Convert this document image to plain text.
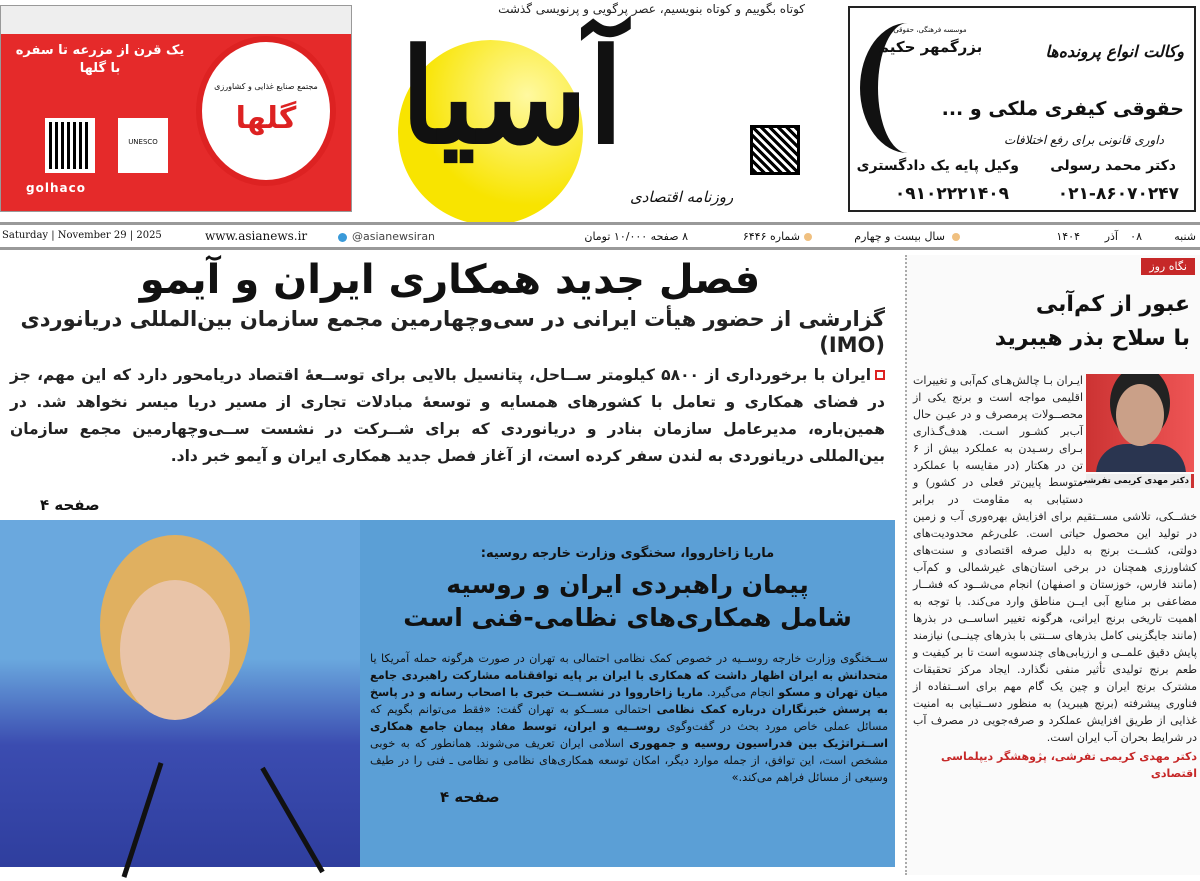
یک قرن از مزرعه تا سفره با گلها
مجتمع صنایع غذایی و کشاورزی
گلها
UNESCO
golhaco
کوتاه بگوییم و کوتاه بنویسیم، عصر پرگویی و پرنویسی گذشت
آسیا
روزنامه اقتصادی
موسسه فرهنگی، حقوقی
بزرگمهر حکیم	وکالت انواع پرونده‌ها
حقوقی کیفری ملکی و ...
داوری قانونی برای رفع اختلافات
دکتر محمد رسولی
وکیل پایه یک دادگستری
۰۲۱-۸۶۰۷۰۲۴۷
۰۹۱۰۲۲۲۱۴۰۹
شنبه
۰۸
آذر
۱۴۰۴
سال بیست و چهارم
شماره ۶۴۴۶
۸ صفحه ۱۰/۰۰۰ تومان
@asianewsiran
www.asianews.ir
Saturday | November 29 | 2025
فصل جدید همکاری ایران و آیمو
گزارشی از حضور هیأت ایرانی در سی‌وچهارمین مجمع سازمان بین‌المللی دریانوردی (IMO)
ایران با برخورداری از ۵۸۰۰ کیلومتر ســاحل، پتانسیل بالایی برای توســعهٔ اقتصاد دریامحور دارد که این مهم، جز در فضای همکاری و تعامل با کشورهای همسایه و توسعهٔ مبادلات تجاری از مسیر دریا میسر نخواهد شد. در همین‌باره، مدیرعامل سازمان بنادر و دریانوردی که برای شــرکت در نشست ســی‌وچهارمین مجمع سازمان بین‌المللی دریانوردی به لندن سفر کرده است، از آغاز فصل جدید همکاری ایران و آیمو خبر داد.
صفحه ۴
ماریا زاخارووا، سخنگوی وزارت خارجه روسیه:
پیمان راهبردی ایران و روسیه
شامل همکاری‌های نظامی-فنی است
ســخنگوی وزارت خارجه روســیه در خصوص کمک نظامی احتمالی به تهران در صورت هرگونه حمله آمریکا یا متحدانش به ایران اظهار داشت که همکاری با ایران بر پایه توافقنامه مشارکت راهبردی جامع میان تهران و مسکو انجام می‌گیرد. ماریا زاخارووا در نشســت خبری با اصحاب رسانه و در پاسخ به پرسش خبرنگاران درباره کمک نظامی احتمالی مســکو به تهران گفت: «فقط می‌توانم بگویم که مسائل عملی خاص مورد بحث در گفت‌وگوی روســیه و ایران، توسط مفاد پیمان جامع همکاری اســتراتژیک بین فدراسیون روسیه و جمهوری اسلامی ایران تعریف می‌شوند. همانطور که به خوبی مشخص است، این توافق، از جمله موارد دیگر، امکان توسعه همکاری‌های نظامی و نظامی ـ فنی را در طیف وسیعی از مسائل فراهم می‌کند.»
صفحه ۴
نگاه روز
عبور از کم‌آبی
با سلاح بذر هیبرید
ایـران بـا چالش‌هـای کم‌آبی و تغییرات اقلیمی مواجه است و برنج یکی از محصــولات پرمصرف و در عیـن حال آب‌بر کشـور اسـت. هدف‌گـذاری بـرای رسـیدن به عملکرد بیش از ۶ تن در هکتار (در مقایسه با عملکرد متوسط پایین‌تر فعلی در کشور) و دستیابی به مقاومت در برابر خشــکی، تلاشی مســتقیم برای افزایش بهره‌وری آب و زمین در تولید این محصول حیاتی است. علی‌رغم محدودیت‌های دولتی، کشــت برنج به دلیل صرفه اقتصادی و سنت‌های کشاورزی همچنان در برخی استان‌های غیرشمالی و کم‌آب (مانند فارس، خوزستان و اصفهان) انجام می‌شــود که فشــار مضاعفی بر منابع آبی ایــن مناطق وارد می‌کند. با توجه به اهمیت تاریخی برنج ایرانی، هرگونه تغییر اساســی در بذرها (مانند جایگزینی کامل بذرهای ســنتی با بذرهای چینــی) نیازمند پایش دقیق علمــی و ارزیابی‌های چندسویه است تا بر کیفیت و طعم برنج تولیدی تأثیر منفی نگذارد. ایجاد مرکز تحقیقات مشترک برنج ایران و چین یک گام مهم برای اســتفاده از فناوری پیشرفته (برنج هیبرید) به منظور دســتیابی به امنیت غذایی از طریق افزایش عملکرد و صرفه‌جویی در مصرف آب در شرایط بحران آب ایران است.
دکتر مهدی کریمی تفرشی، پژوهشگر دیپلماسی اقتصادی
دکتر مهدی کریمی تفرشی
